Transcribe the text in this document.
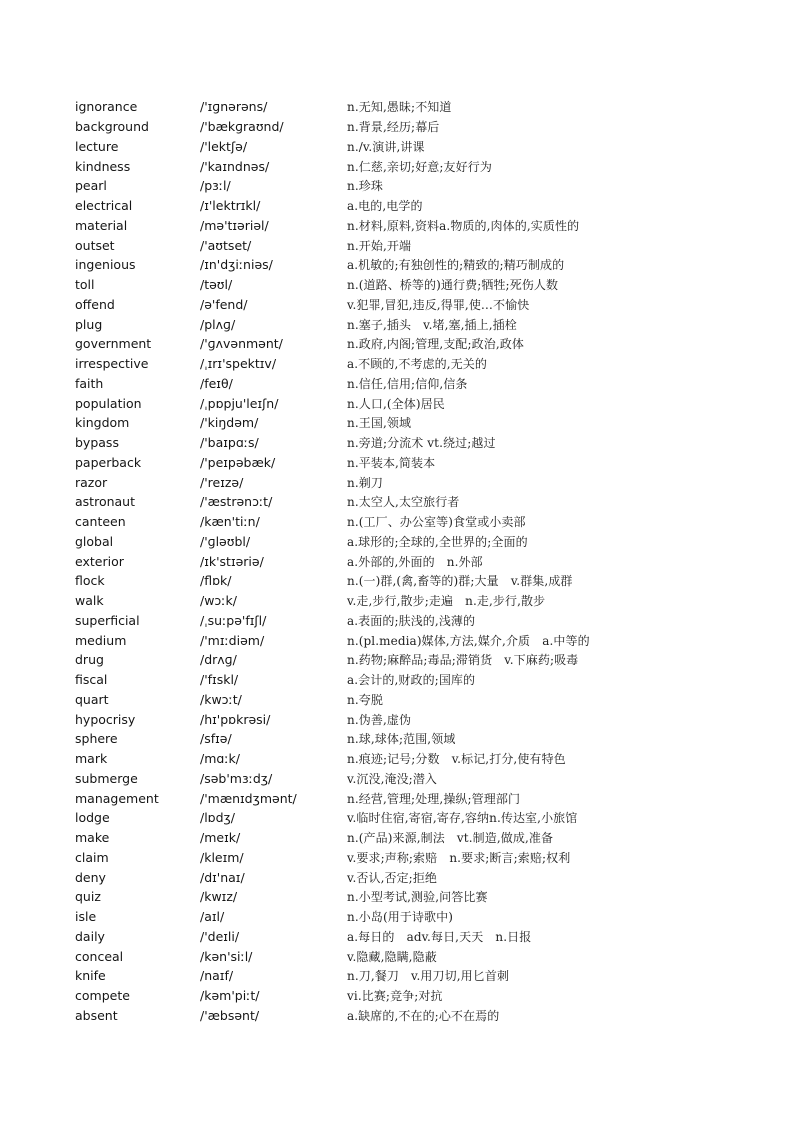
ignorance	/'ɪɡnərəns/	n.无知,愚昧;不知道
background	/'bækɡraʊnd/	n.背景,经历;幕后
lecture	/'lektʃə/	n./v.演讲,讲课
kindness	/'kaɪndnəs/	n.仁慈,亲切;好意;友好行为
pearl	/pɜːl/	n.珍珠
electrical	/ɪ'lektrɪkl/	a.电的,电学的
material	/mə'tɪəriəl/	n.材料,原料,资料a.物质的,肉体的,实质性的
outset	/'aʊtset/	n.开始,开端
ingenious	/ɪn'dʒiːniəs/	a.机敏的;有独创性的;精致的;精巧制成的
toll	/təʊl/	n.(道路、桥等的)通行费;牺牲;死伤人数
offend	/ə'fend/	v.犯罪,冒犯,违反,得罪,使…不愉快
plug	/plʌɡ/	n.塞子,插头　v.堵,塞,插上,插栓
government	/'ɡʌvənmənt/	n.政府,内阁;管理,支配;政治,政体
irrespective	/ˌɪrɪ'spektɪv/	a.不顾的,不考虑的,无关的
faith	/feɪθ/	n.信任,信用;信仰,信条
population	/ˌpɒpju'leɪʃn/	n.人口,(全体)居民
kingdom	/'kiŋdəm/	n.王国,领域
bypass	/'baɪpɑːs/	n.旁道;分流术 vt.绕过;越过
paperback	/'peɪpəbæk/	n.平装本,简装本
razor	/'reɪzə/	n.剃刀
astronaut	/'æstrənɔːt/	n.太空人,太空旅行者
canteen	/kæn'tiːn/	n.(工厂、办公室等)食堂或小卖部
global	/'ɡləʊbl/	a.球形的;全球的,全世界的;全面的
exterior	/ɪk'stɪəriə/	a.外部的,外面的　n.外部
flock	/flɒk/	n.(一)群,(禽,畜等的)群;大量　v.群集,成群
walk	/wɔːk/	v.走,步行,散步;走遍　n.走,步行,散步
superficial	/ˌsuːpə'fɪʃl/	a.表面的;肤浅的,浅薄的
medium	/'mɪːdiəm/	n.(pl.media)媒体,方法,媒介,介质　a.中等的
drug	/drʌɡ/	n.药物;麻醉品;毒品;滞销货　v.下麻药;吸毒
fiscal	/'fɪskl/	a.会计的,财政的;国库的
quart	/kwɔːt/	n.夸脱
hypocrisy	/hɪ'pɒkrəsi/	n.伪善,虚伪
sphere	/sfɪə/	n.球,球体;范围,领域
mark	/mɑːk/	n.痕迹;记号;分数　v.标记,打分,使有特色
submerge	/səb'mɜːdʒ/	v.沉没,淹没;潜入
management	/'mænɪdʒmənt/	n.经营,管理;处理,操纵;管理部门
lodge	/lɒdʒ/	v.临时住宿,寄宿,寄存,容纳n.传达室,小旅馆
make	/meɪk/	n.(产品)来源,制法　vt.制造,做成,准备
claim	/kleɪm/	v.要求;声称;索赔　n.要求;断言;索赔;权利
deny	/dɪ'naɪ/	v.否认,否定;拒绝
quiz	/kwɪz/	n.小型考试,测验,问答比赛
isle	/aɪl/	n.小岛(用于诗歌中)
daily	/'deɪli/	a.每日的　adv.每日,天天　n.日报
conceal	/kən'siːl/	v.隐藏,隐瞒,隐蔽
knife	/naɪf/	n.刀,餐刀　v.用刀切,用匕首刺
compete	/kəm'piːt/	vi.比赛;竞争;对抗
absent	/'æbsənt/	a.缺席的,不在的;心不在焉的
